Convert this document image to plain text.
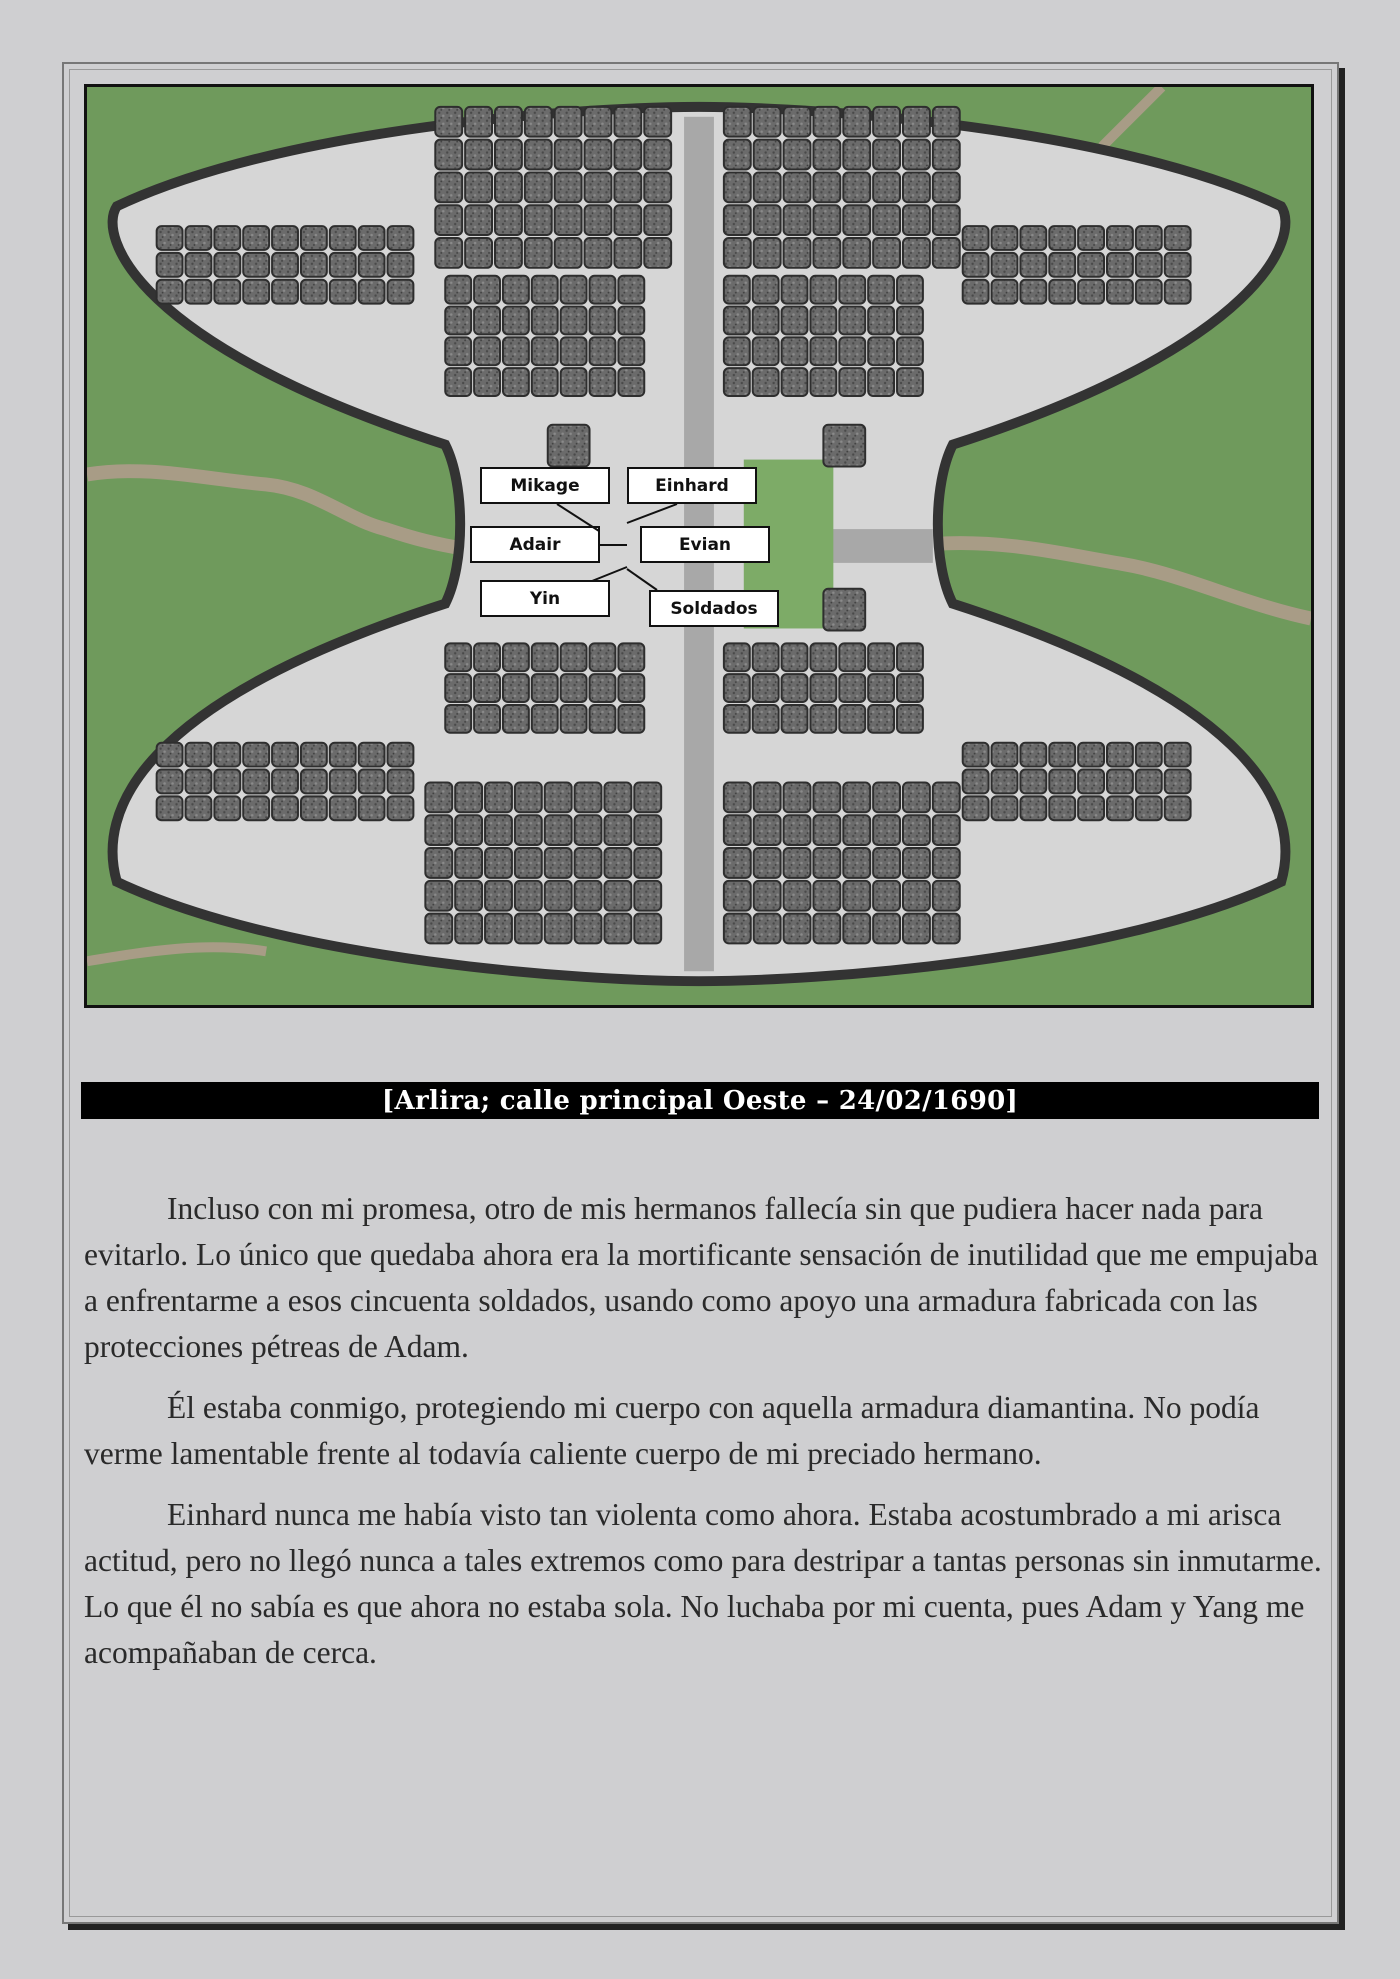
Mikage	Einhard
Adair	Evian
Yin	Soldados
[Arlira; calle principal Oeste – 24/02/1690]

Incluso con mi promesa, otro de mis hermanos fallecía sin que pudiera hacer nada para evitarlo. Lo único que quedaba ahora era la mortificante sensación de inutilidad que me empujaba a enfrentarme a esos cincuenta soldados, usando como apoyo una armadura fabricada con las protecciones pétreas de Adam.

Él estaba conmigo, protegiendo mi cuerpo con aquella armadura diamantina. No podía verme lamentable frente al todavía caliente cuerpo de mi preciado hermano.

Einhard nunca me había visto tan violenta como ahora. Estaba acostumbrado a mi arisca actitud, pero no llegó nunca a tales extremos como para destripar a tantas personas sin inmutarme. Lo que él no sabía es que ahora no estaba sola. No luchaba por mi cuenta, pues Adam y Yang me acompañaban de cerca.
